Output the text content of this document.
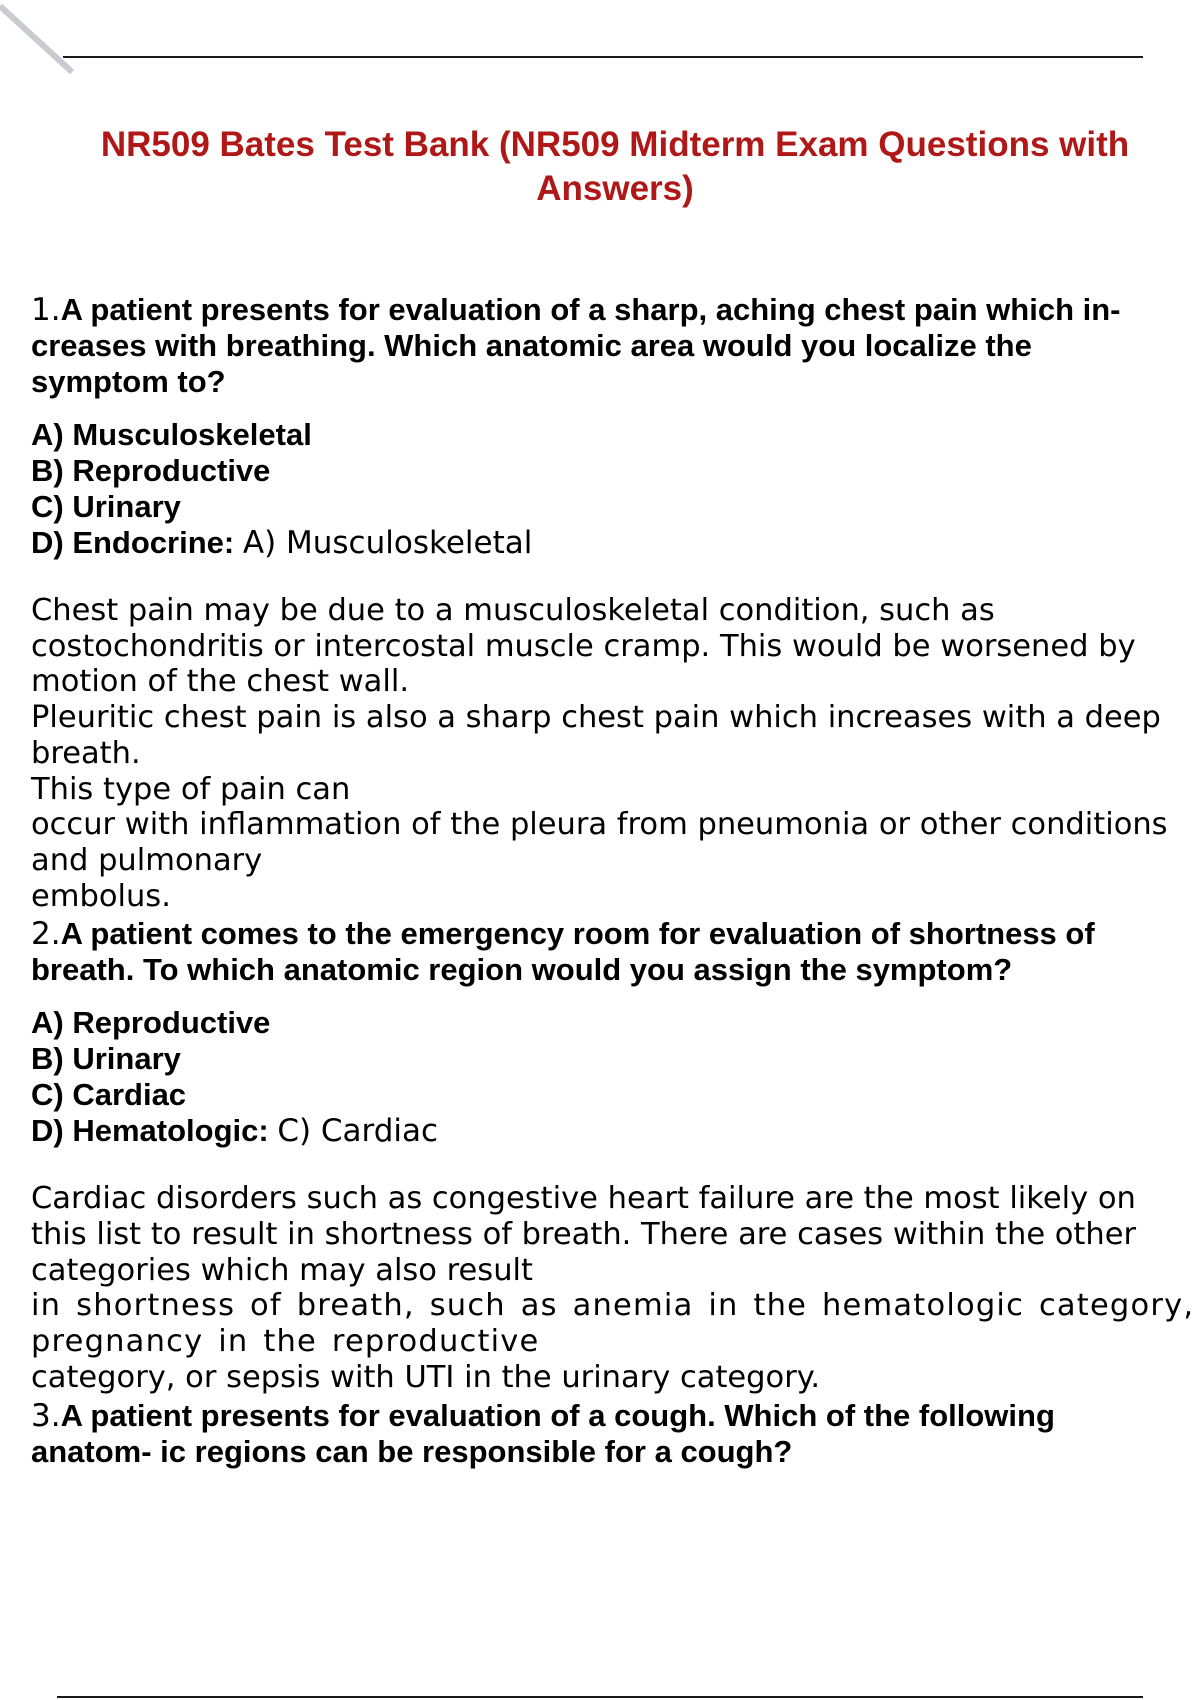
NR509 Bates Test Bank (NR509 Midterm Exam Questions with Answers)
1.A patient presents for evaluation of a sharp, aching chest pain which in- creases with breathing. Which anatomic area would you localize the symptom to?
A) Musculoskeletal
B) Reproductive
C) Urinary
D) Endocrine: A) Musculoskeletal
Chest pain may be due to a musculoskeletal condition, such as
costochondritis or intercostal muscle cramp. This would be worsened by
motion of the chest wall.
Pleuritic chest pain is also a sharp chest pain which increases with a deep
breath.
This type of pain can
occur with inflammation of the pleura from pneumonia or other conditions
and pulmonary
embolus.
2.A patient comes to the emergency room for evaluation of shortness of breath. To which anatomic region would you assign the symptom?
A) Reproductive
B) Urinary
C) Cardiac
D) Hematologic: C) Cardiac
Cardiac disorders such as congestive heart failure are the most likely on
this list to result in shortness of breath. There are cases within the other
categories which may also result
in shortness of breath, such as anemia in the hematologic category,
pregnancy in the reproductive
category, or sepsis with UTI in the urinary category.
3.A patient presents for evaluation of a cough. Which of the following anatom- ic regions can be responsible for a cough?
